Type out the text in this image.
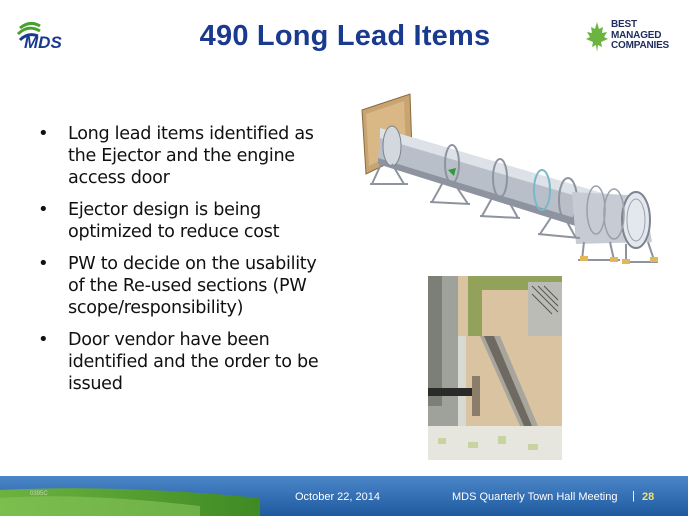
MDS	490 Long Lead Items	BEST
MANAGED
COMPANIES
• Long lead items identified as the Ejector and the engine access door
• Ejector design is being optimized to reduce cost
• PW to decide on the usability of the Re-used sections (PW scope/responsibility)
• Door vendor have been identified and the order to be issued
0395C	October 22, 2014	MDS Quarterly Town Hall Meeting | 28
